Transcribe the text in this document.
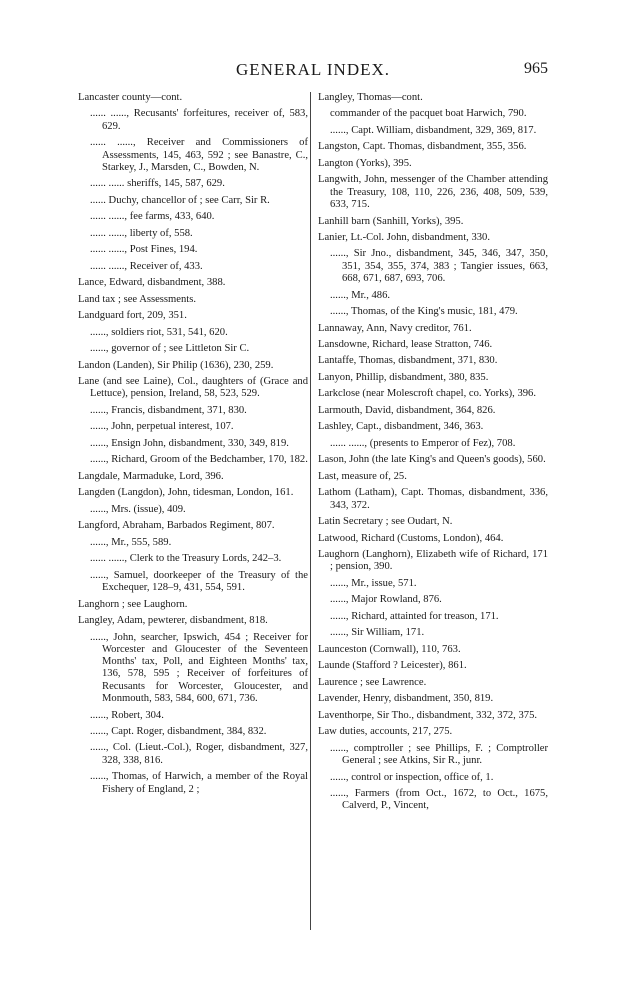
GENERAL INDEX.	965

Lancaster county—cont.

...... ......, Recusants' forfeitures, receiver of, 583, 629.

...... ......, Receiver and Commissioners of Assessments, 145, 463, 592 ; see Banastre, C., Starkey, J., Marsden, C., Bowden, N.

...... ...... sheriffs, 145, 587, 629.

...... Duchy, chancellor of ; see Carr, Sir R.

...... ......, fee farms, 433, 640.

...... ......, liberty of, 558.

...... ......, Post Fines, 194.

...... ......, Receiver of, 433.

Lance, Edward, disbandment, 388.

Land tax ; see Assessments.

Landguard fort, 209, 351.

......, soldiers riot, 531, 541, 620.

......, governor of ; see Littleton Sir C.

Landon (Landen), Sir Philip (1636), 230, 259.

Lane (and see Laine), Col., daughters of (Grace and Lettuce), pension, Ireland, 58, 523, 529.

......, Francis, disbandment, 371, 830.

......, John, perpetual interest, 107.

......, Ensign John, disbandment, 330, 349, 819.

......, Richard, Groom of the Bedchamber, 170, 182.

Langdale, Marmaduke, Lord, 396.

Langden (Langdon), John, tidesman, London, 161.

......, Mrs. (issue), 409.

Langford, Abraham, Barbados Regiment, 807.

......, Mr., 555, 589.

...... ......, Clerk to the Treasury Lords, 242–3.

......, Samuel, doorkeeper of the Treasury of the Exchequer, 128–9, 431, 554, 591.

Langhorn ; see Laughorn.

Langley, Adam, pewterer, disbandment, 818.

......, John, searcher, Ipswich, 454 ; Receiver for Worcester and Gloucester of the Seventeen Months' tax, Poll, and Eighteen Months' tax, 136, 578, 595 ; Receiver of forfeitures of Recusants for Worcester, Gloucester, and Monmouth, 583, 584, 600, 671, 736.

......, Robert, 304.

......, Capt. Roger, disbandment, 384, 832.

......, Col. (Lieut.-Col.), Roger, disbandment, 327, 328, 338, 816.

......, Thomas, of Harwich, a member of the Royal Fishery of England, 2 ;

Langley, Thomas—cont.

commander of the pacquet boat Harwich, 790.

......, Capt. William, disbandment, 329, 369, 817.

Langston, Capt. Thomas, disbandment, 355, 356.

Langton (Yorks), 395.

Langwith, John, messenger of the Chamber attending the Treasury, 108, 110, 226, 236, 408, 509, 539, 633, 715.

Lanhill barn (Sanhill, Yorks), 395.

Lanier, Lt.-Col. John, disbandment, 330.

......, Sir Jno., disbandment, 345, 346, 347, 350, 351, 354, 355, 374, 383 ; Tangier issues, 663, 668, 671, 687, 693, 706.

......, Mr., 486.

......, Thomas, of the King's music, 181, 479.

Lannaway, Ann, Navy creditor, 761.

Lansdowne, Richard, lease Stratton, 746.

Lantaffe, Thomas, disbandment, 371, 830.

Lanyon, Phillip, disbandment, 380, 835.

Larkclose (near Molescroft chapel, co. Yorks), 396.

Larmouth, David, disbandment, 364, 826.

Lashley, Capt., disbandment, 346, 363.

...... ......, (presents to Emperor of Fez), 708.

Lason, John (the late King's and Queen's goods), 560.

Last, measure of, 25.

Lathom (Latham), Capt. Thomas, disbandment, 336, 343, 372.

Latin Secretary ; see Oudart, N.

Latwood, Richard (Customs, London), 464.

Laughorn (Langhorn), Elizabeth wife of Richard, 171 ; pension, 390.

......, Mr., issue, 571.

......, Major Rowland, 876.

......, Richard, attainted for treason, 171.

......, Sir William, 171.

Launceston (Cornwall), 110, 763.

Launde (Stafford ? Leicester), 861.

Laurence ; see Lawrence.

Lavender, Henry, disbandment, 350, 819.

Laventhorpe, Sir Tho., disbandment, 332, 372, 375.

Law duties, accounts, 217, 275.

......, comptroller ; see Phillips, F. ; Comptroller General ; see Atkins, Sir R., junr.

......, control or inspection, office of, 1.

......, Farmers (from Oct., 1672, to Oct., 1675, Calverd, P., Vincent,
